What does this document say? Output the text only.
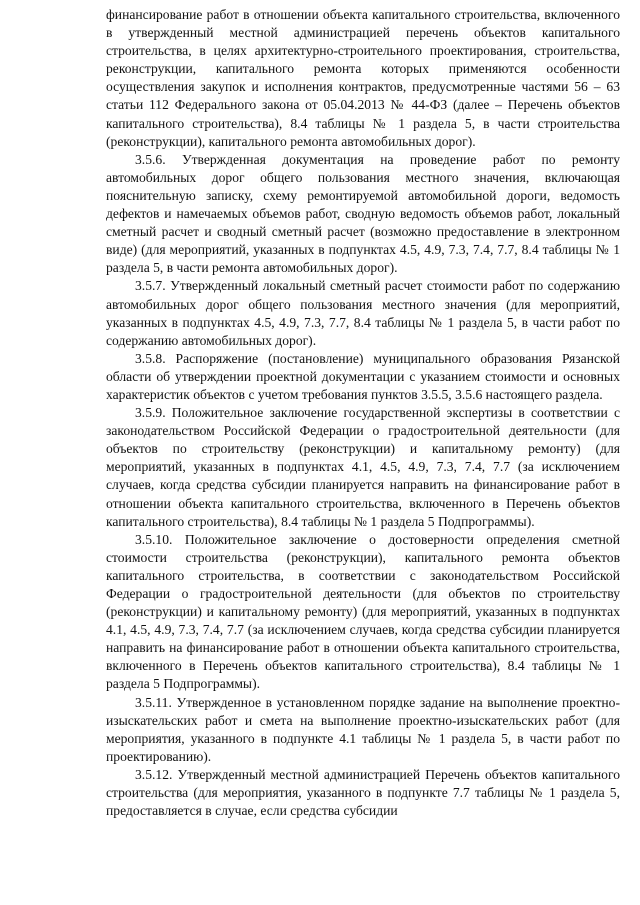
финансирование работ в отношении объекта капитального строительства, включенного в утвержденный местной администрацией перечень объектов капитального строительства, в целях архитектурно-строительного проектирования, строительства, реконструкции, капитального ремонта которых применяются особенности осуществления закупок и исполнения контрактов, предусмотренные частями 56 – 63 статьи 112 Федерального закона от 05.04.2013 № 44-ФЗ (далее – Перечень объектов капитального строительства), 8.4 таблицы № 1 раздела 5, в части строительства (реконструкции), капитального ремонта автомобильных дорог).

3.5.6. Утвержденная документация на проведение работ по ремонту автомобильных дорог общего пользования местного значения, включающая пояснительную записку, схему ремонтируемой автомобильной дороги, ведомость дефектов и намечаемых объемов работ, сводную ведомость объемов работ, локальный сметный расчет и сводный сметный расчет (возможно предоставление в электронном виде) (для мероприятий, указанных в подпунктах 4.5, 4.9, 7.3, 7.4, 7.7, 8.4 таблицы № 1 раздела 5, в части ремонта автомобильных дорог).

3.5.7. Утвержденный локальный сметный расчет стоимости работ по содержанию автомобильных дорог общего пользования местного значения (для мероприятий, указанных в подпунктах 4.5, 4.9, 7.3, 7.7, 8.4 таблицы № 1 раздела 5, в части работ по содержанию автомобильных дорог).

3.5.8. Распоряжение (постановление) муниципального образования Рязанской области об утверждении проектной документации с указанием стоимости и основных характеристик объектов с учетом требования пунктов 3.5.5, 3.5.6 настоящего раздела.

3.5.9. Положительное заключение государственной экспертизы в соответствии с законодательством Российской Федерации о градостроительной деятельности (для объектов по строительству (реконструкции) и капитальному ремонту) (для мероприятий, указанных в подпунктах 4.1, 4.5, 4.9, 7.3, 7.4, 7.7 (за исключением случаев, когда средства субсидии планируется направить на финансирование работ в отношении объекта капитального строительства, включенного в Перечень объектов капитального строительства), 8.4 таблицы № 1 раздела 5 Подпрограммы).

3.5.10. Положительное заключение о достоверности определения сметной стоимости строительства (реконструкции), капитального ремонта объектов капитального строительства, в соответствии с законодательством Российской Федерации о градостроительной деятельности (для объектов по строительству (реконструкции) и капитальному ремонту) (для мероприятий, указанных в подпунктах 4.1, 4.5, 4.9, 7.3, 7.4, 7.7 (за исключением случаев, когда средства субсидии планируется направить на финансирование работ в отношении объекта капитального строительства, включенного в Перечень объектов капитального строительства), 8.4 таблицы № 1 раздела 5 Подпрограммы).

3.5.11. Утвержденное в установленном порядке задание на выполнение проектно-изыскательских работ и смета на выполнение проектно-изыскательских работ (для мероприятия, указанного в подпункте 4.1 таблицы № 1 раздела 5, в части работ по проектированию).

3.5.12. Утвержденный местной администрацией Перечень объектов капитального строительства (для мероприятия, указанного в подпункте 7.7 таблицы № 1 раздела 5, предоставляется в случае, если средства субсидии
